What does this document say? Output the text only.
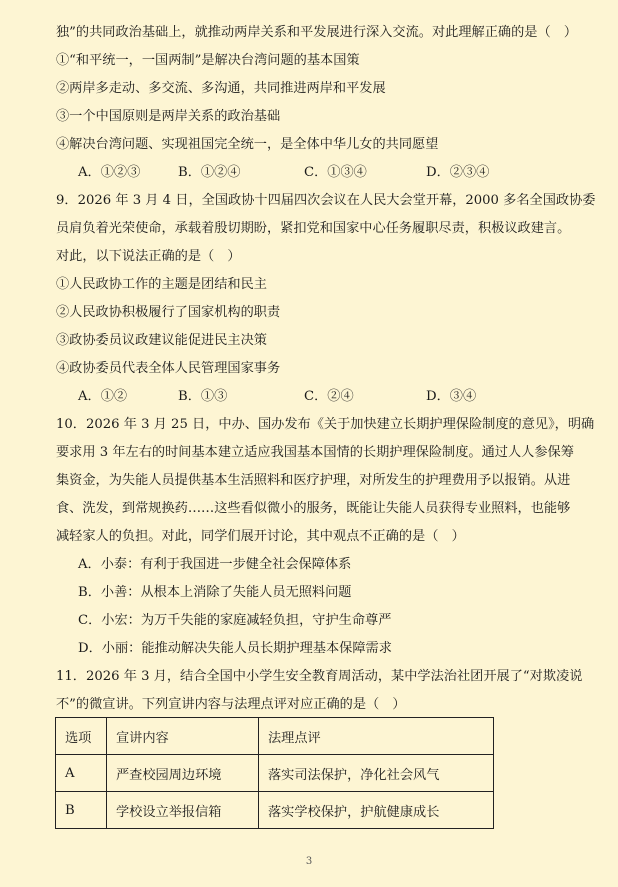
独”的共同政治基础上，就推动两岸关系和平发展进行深入交流。对此理解正确的是（　）
①“和平统一，一国两制”是解决台湾问题的基本国策
②两岸多走动、多交流、多沟通，共同推进两岸和平发展
③一个中国原则是两岸关系的政治基础
④解决台湾问题、实现祖国完全统一，是全体中华儿女的共同愿望
A．①②③	B．①②④	C．①③④	D．②③④
9．2026 年 3 月 4 日，全国政协十四届四次会议在人民大会堂开幕，2000 多名全国政协委
员肩负着光荣使命，承载着殷切期盼，紧扣党和国家中心任务履职尽责，积极议政建言。
对此，以下说法正确的是（　）
①人民政协工作的主题是团结和民主
②人民政协积极履行了国家机构的职责
③政协委员议政建议能促进民主决策
④政协委员代表全体人民管理国家事务
A．①②	B．①③	C．②④	D．③④
10．2026 年 3 月 25 日，中办、国办发布《关于加快建立长期护理保险制度的意见》，明确
要求用 3 年左右的时间基本建立适应我国基本国情的长期护理保险制度。通过人人参保筹
集资金，为失能人员提供基本生活照料和医疗护理，对所发生的护理费用予以报销。从进
食、洗发，到常规换药……这些看似微小的服务，既能让失能人员获得专业照料，也能够
减轻家人的负担。对此，同学们展开讨论，其中观点不正确的是（　）
A．小泰：有利于我国进一步健全社会保障体系
B．小善：从根本上消除了失能人员无照料问题
C．小宏：为万千失能的家庭减轻负担，守护生命尊严
D．小丽：能推动解决失能人员长期护理基本保障需求
11．2026 年 3 月，结合全国中小学生安全教育周活动，某中学法治社团开展了“对欺凌说
不”的微宣讲。下列宣讲内容与法理点评对应正确的是（　）
选项	宣讲内容	法理点评
A	严查校园周边环境	落实司法保护，净化社会风气
B	学校设立举报信箱	落实学校保护，护航健康成长
3
